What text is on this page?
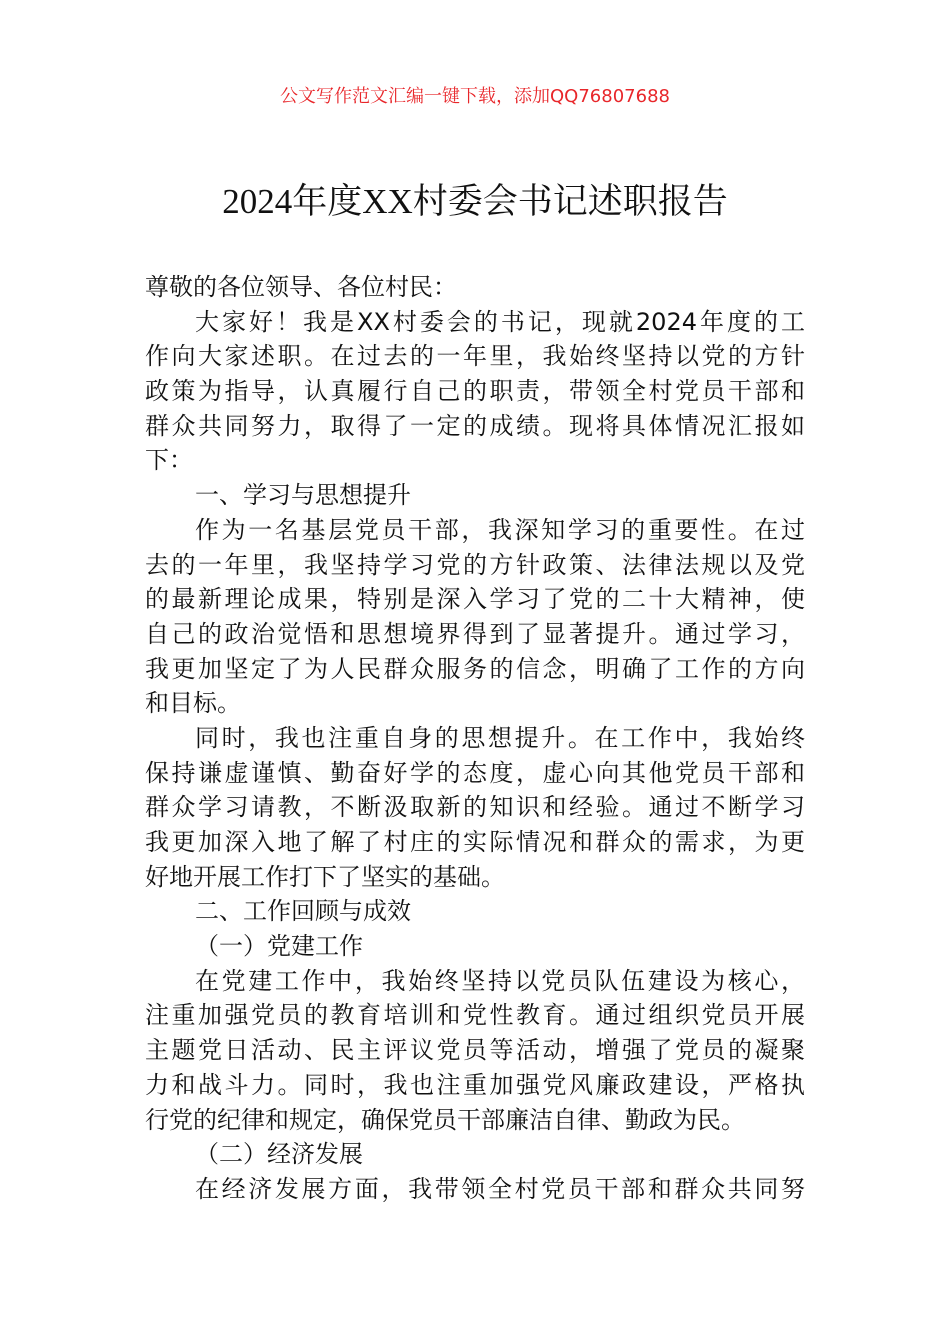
公文写作范文汇编一键下载，添加QQ76807688
2024年度XX村委会书记述职报告
尊敬的各位领导、各位村民：
大家好！我是XX村委会的书记，现就2024年度的工
作向大家述职。在过去的一年里，我始终坚持以党的方针
政策为指导，认真履行自己的职责，带领全村党员干部和
群众共同努力，取得了一定的成绩。现将具体情况汇报如
下：
一、学习与思想提升
作为一名基层党员干部，我深知学习的重要性。在过
去的一年里，我坚持学习党的方针政策、法律法规以及党
的最新理论成果，特别是深入学习了党的二十大精神，使
自己的政治觉悟和思想境界得到了显著提升。通过学习，
我更加坚定了为人民群众服务的信念，明确了工作的方向
和目标。
同时，我也注重自身的思想提升。在工作中，我始终
保持谦虚谨慎、勤奋好学的态度，虚心向其他党员干部和
群众学习请教，不断汲取新的知识和经验。通过不断学习
我更加深入地了解了村庄的实际情况和群众的需求，为更
好地开展工作打下了坚实的基础。
二、工作回顾与成效
（一）党建工作
在党建工作中，我始终坚持以党员队伍建设为核心，
注重加强党员的教育培训和党性教育。通过组织党员开展
主题党日活动、民主评议党员等活动，增强了党员的凝聚
力和战斗力。同时，我也注重加强党风廉政建设，严格执
行党的纪律和规定，确保党员干部廉洁自律、勤政为民。
（二）经济发展
在经济发展方面，我带领全村党员干部和群众共同努
